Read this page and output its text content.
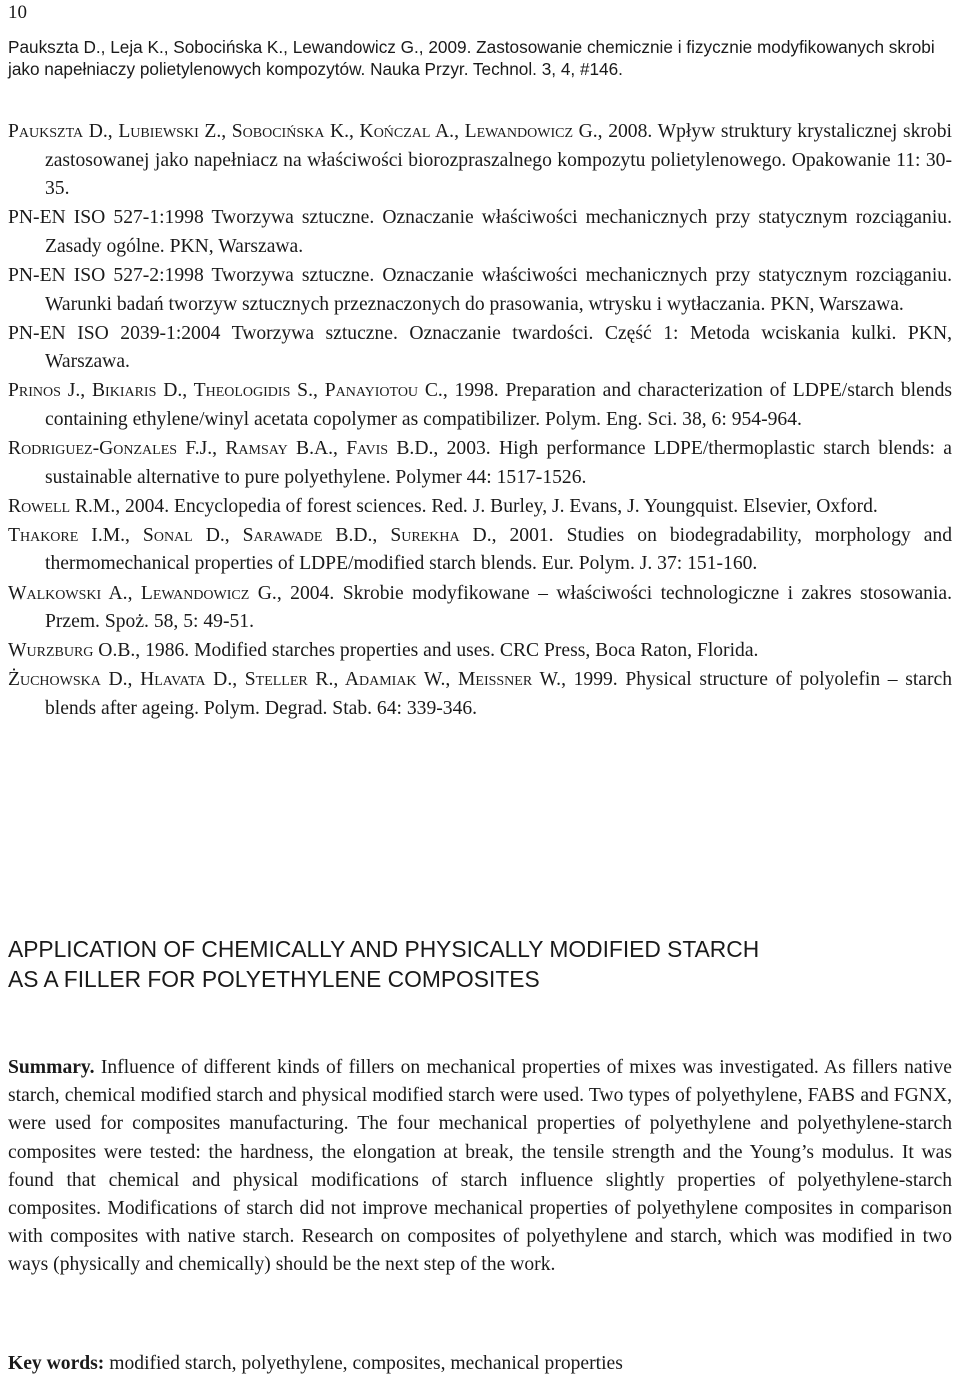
10
Paukszta D., Leja K., Sobocińska K., Lewandowicz G., 2009. Zastosowanie chemicznie i fizycznie modyfikowanych skrobi jako napełniaczy polietylenowych kompozytów. Nauka Przyr. Technol. 3, 4, #146.

Paukszta D., Lubiewski Z., Sobocińska K., Kończal A., Lewandowicz G., 2008. Wpływ struktury krystalicznej skrobi zastosowanej jako napełniacz na właściwości biorozpraszalnego kompozytu polietylenowego. Opakowanie 11: 30-35.

PN-EN ISO 527-1:1998 Tworzywa sztuczne. Oznaczanie właściwości mechanicznych przy statycznym rozciąganiu. Zasady ogólne. PKN, Warszawa.

PN-EN ISO 527-2:1998 Tworzywa sztuczne. Oznaczanie właściwości mechanicznych przy statycznym rozciąganiu. Warunki badań tworzyw sztucznych przeznaczonych do prasowania, wtrysku i wytłaczania. PKN, Warszawa.

PN-EN ISO 2039-1:2004 Tworzywa sztuczne. Oznaczanie twardości. Część 1: Metoda wciskania kulki. PKN, Warszawa.

Prinos J., Bikiaris D., Theologidis S., Panayiotou C., 1998. Preparation and characterization of LDPE/starch blends containing ethylene/winyl acetata copolymer as compatibilizer. Polym. Eng. Sci. 38, 6: 954-964.

Rodriguez-Gonzales F.J., Ramsay B.A., Favis B.D., 2003. High performance LDPE/thermoplastic starch blends: a sustainable alternative to pure polyethylene. Polymer 44: 1517-1526.

Rowell R.M., 2004. Encyclopedia of forest sciences. Red. J. Burley, J. Evans, J. Youngquist. Elsevier, Oxford.

Thakore I.M., Sonal D., Sarawade B.D., Surekha D., 2001. Studies on biodegradability, morphology and thermomechanical properties of LDPE/modified starch blends. Eur. Polym. J. 37: 151-160.

Walkowski A., Lewandowicz G., 2004. Skrobie modyfikowane – właściwości technologiczne i zakres stosowania. Przem. Spoż. 58, 5: 49-51.

Wurzburg O.B., 1986. Modified starches properties and uses. CRC Press, Boca Raton, Florida.

Żuchowska D., Hlavata D., Steller R., Adamiak W., Meissner W., 1999. Physical structure of polyolefin – starch blends after ageing. Polym. Degrad. Stab. 64: 339-346.

APPLICATION OF CHEMICALLY AND PHYSICALLY MODIFIED STARCH
AS A FILLER FOR POLYETHYLENE COMPOSITES

Summary. Influence of different kinds of fillers on mechanical properties of mixes was investigated. As fillers native starch, chemical modified starch and physical modified starch were used. Two types of polyethylene, FABS and FGNX, were used for composites manufacturing. The four mechanical properties of polyethylene and polyethylene-starch composites were tested: the hardness, the elongation at break, the tensile strength and the Young’s modulus. It was found that chemical and physical modifications of starch influence slightly properties of polyethylene-starch composites. Modifications of starch did not improve mechanical properties of polyethylene composites in comparison with composites with native starch. Research on composites of polyethylene and starch, which was modified in two ways (physically and chemically) should be the next step of the work.

Key words: modified starch, polyethylene, composites, mechanical properties
